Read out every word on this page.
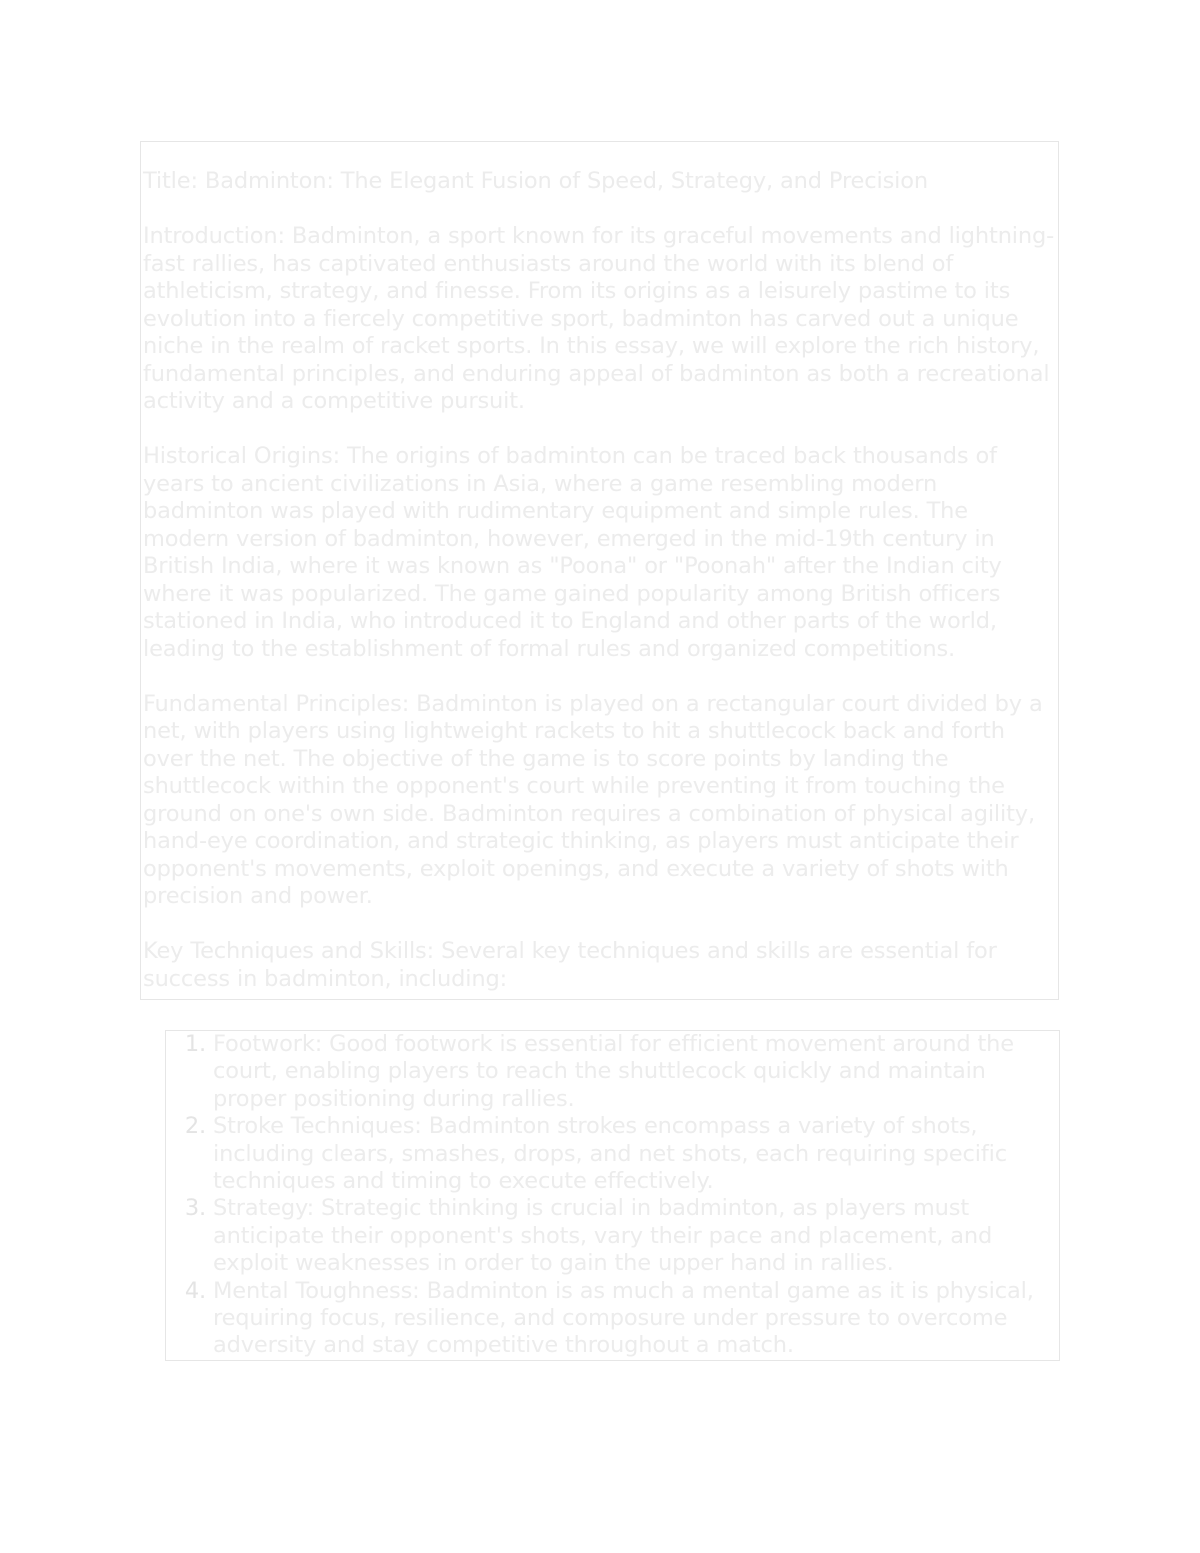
Title: Badminton: The Elegant Fusion of Speed, Strategy, and Precision

Introduction: Badminton, a sport known for its graceful movements and lightning-fast rallies, has captivated enthusiasts around the world with its blend of athleticism, strategy, and finesse. From its origins as a leisurely pastime to its evolution into a fiercely competitive sport, badminton has carved out a unique niche in the realm of racket sports. In this essay, we will explore the rich history, fundamental principles, and enduring appeal of badminton as both a recreational activity and a competitive pursuit.

Historical Origins: The origins of badminton can be traced back thousands of years to ancient civilizations in Asia, where a game resembling modern badminton was played with rudimentary equipment and simple rules. The modern version of badminton, however, emerged in the mid-19th century in British India, where it was known as "Poona" or "Poonah" after the Indian city where it was popularized. The game gained popularity among British officers stationed in India, who introduced it to England and other parts of the world, leading to the establishment of formal rules and organized competitions.

Fundamental Principles: Badminton is played on a rectangular court divided by a net, with players using lightweight rackets to hit a shuttlecock back and forth over the net. The objective of the game is to score points by landing the shuttlecock within the opponent's court while preventing it from touching the ground on one's own side. Badminton requires a combination of physical agility, hand-eye coordination, and strategic thinking, as players must anticipate their opponent's movements, exploit openings, and execute a variety of shots with precision and power.

Key Techniques and Skills: Several key techniques and skills are essential for success in badminton, including:

1. Footwork: Good footwork is essential for efficient movement around the court, enabling players to reach the shuttlecock quickly and maintain proper positioning during rallies.
2. Stroke Techniques: Badminton strokes encompass a variety of shots, including clears, smashes, drops, and net shots, each requiring specific techniques and timing to execute effectively.
3. Strategy: Strategic thinking is crucial in badminton, as players must anticipate their opponent's shots, vary their pace and placement, and exploit weaknesses in order to gain the upper hand in rallies.
4. Mental Toughness: Badminton is as much a mental game as it is physical, requiring focus, resilience, and composure under pressure to overcome adversity and stay competitive throughout a match.
